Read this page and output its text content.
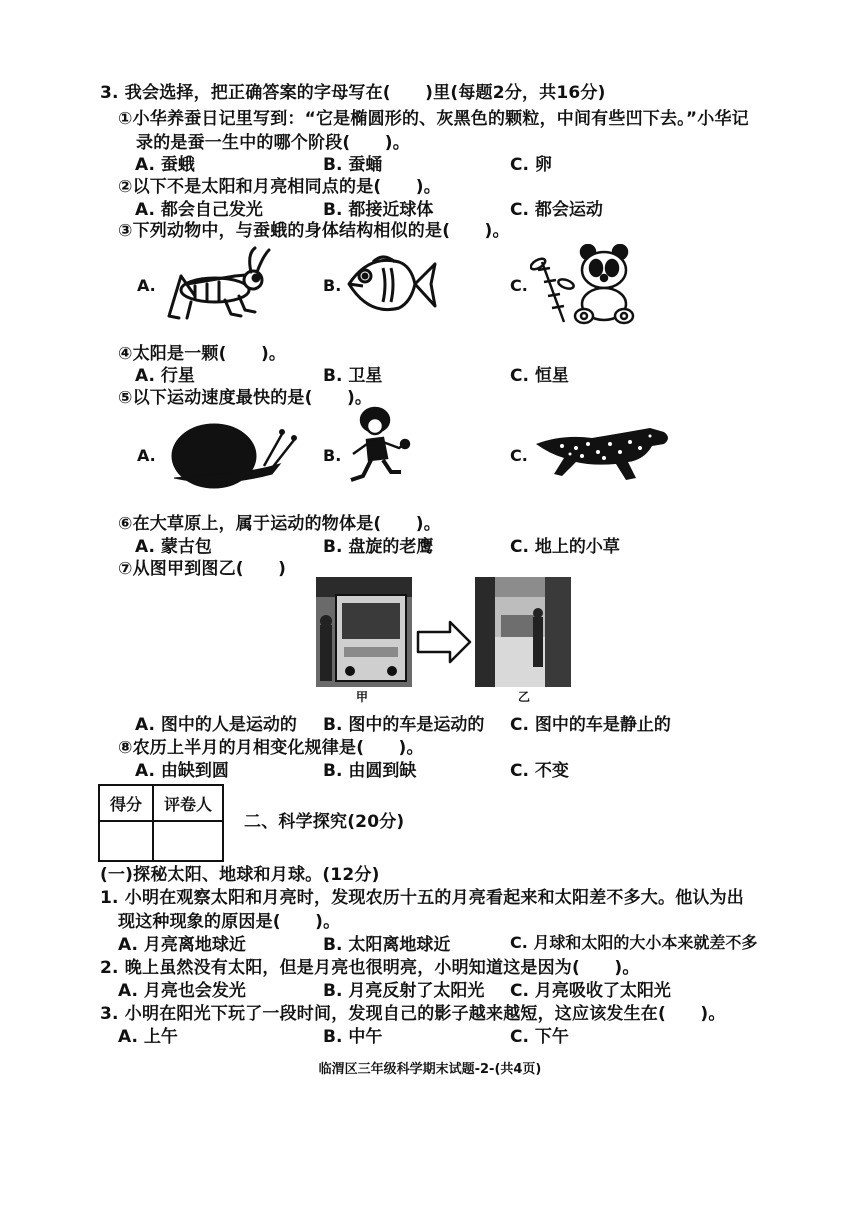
3. 我会选择，把正确答案的字母写在(　　)里(每题2分，共16分)
①小华养蚕日记里写到：“它是椭圆形的、灰黑色的颗粒，中间有些凹下去。”小华记
录的是蚕一生中的哪个阶段(　　)。
A. 蚕蛾	B. 蚕蛹	C. 卵
②以下不是太阳和月亮相同点的是(　　)。
A. 都会自己发光	B. 都接近球体	C. 都会运动
③下列动物中，与蚕蛾的身体结构相似的是(　　)。
A.	B.	C.
④太阳是一颗(　　)。
A. 行星	B. 卫星	C. 恒星
⑤以下运动速度最快的是(　　)。
A.	B.	C.
⑥在大草原上，属于运动的物体是(　　)。
A. 蒙古包	B. 盘旋的老鹰	C. 地上的小草
⑦从图甲到图乙(　　)
甲	乙
A. 图中的人是运动的 B. 图中的车是运动的 C. 图中的车是静止的
⑧农历上半月的月相变化规律是(　　)。
A. 由缺到圆	B. 由圆到缺	C. 不变
得分	评卷人

二、科学探究(20分)
(一)探秘太阳、地球和月球。(12分)
1. 小明在观察太阳和月亮时，发现农历十五的月亮看起来和太阳差不多大。他认为出
现这种现象的原因是(　　)。
A. 月亮离地球近	B. 太阳离地球近	C. 月球和太阳的大小本来就差不多
2. 晚上虽然没有太阳，但是月亮也很明亮，小明知道这是因为(　　)。
A. 月亮也会发光	B. 月亮反射了太阳光 C. 月亮吸收了太阳光
3. 小明在阳光下玩了一段时间，发现自己的影子越来越短，这应该发生在(　　)。
A. 上午	B. 中午	C. 下午
临渭区三年级科学期末试题-2-(共4页)
